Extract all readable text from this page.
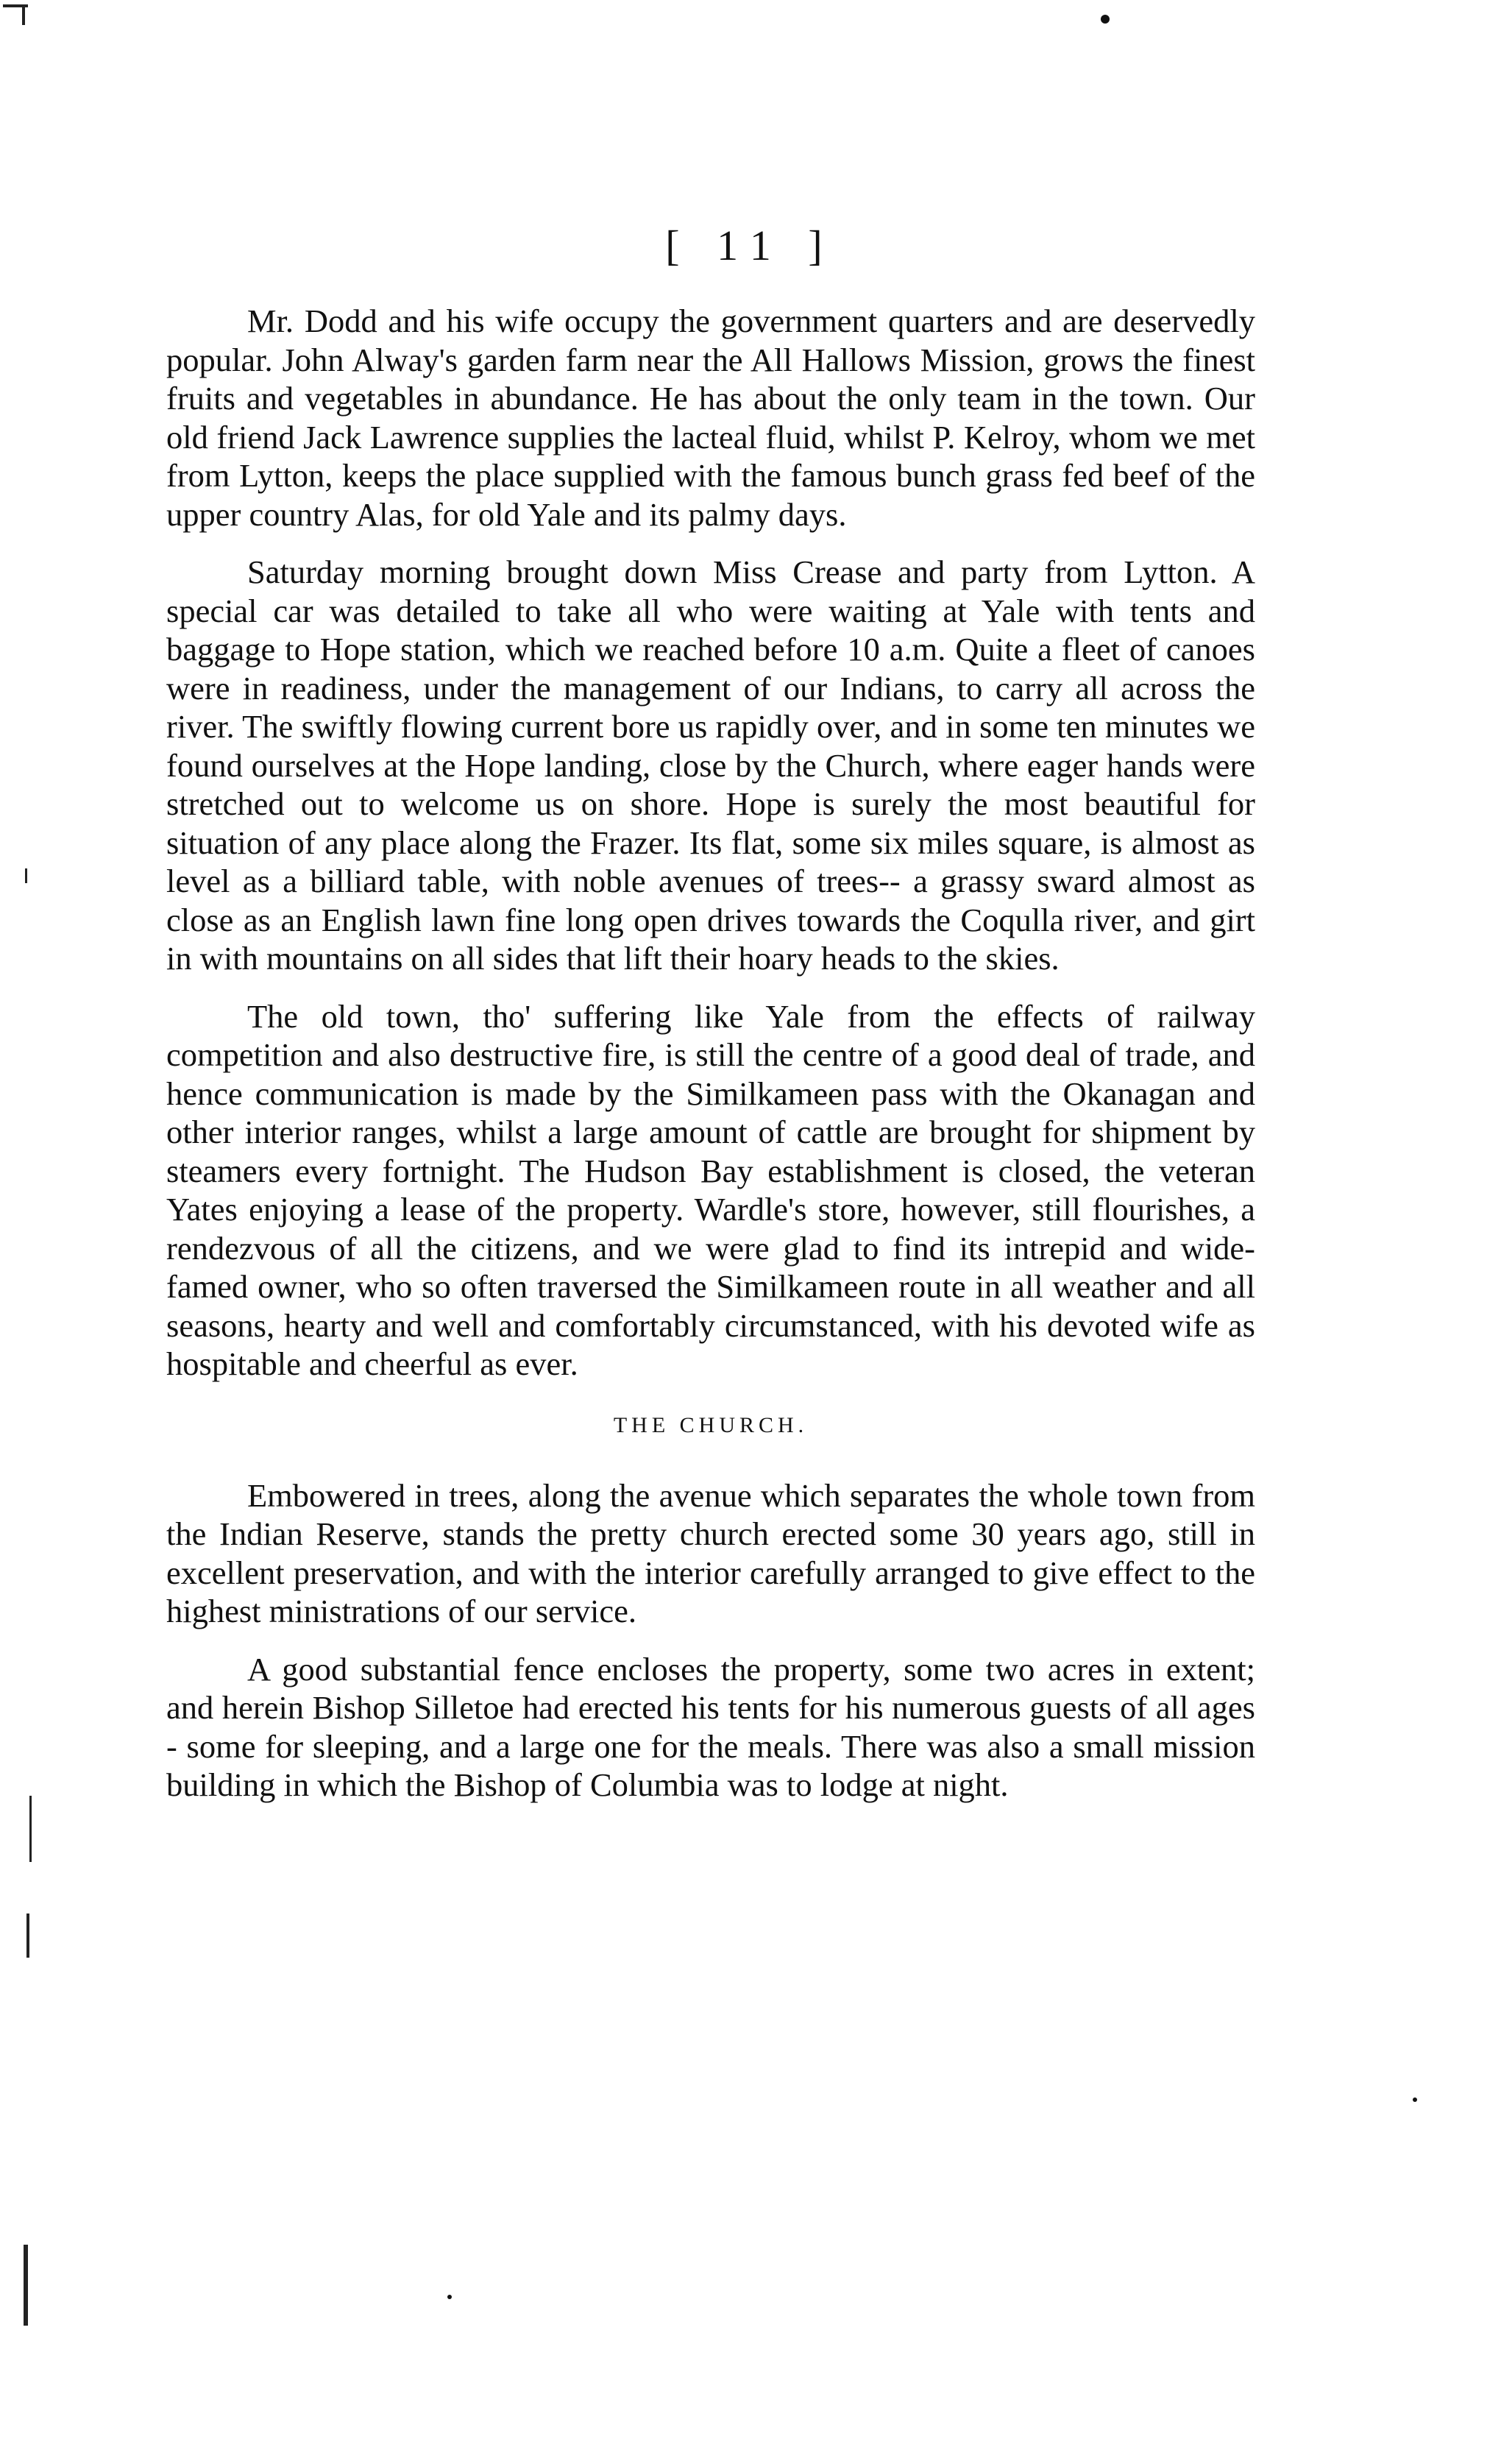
[ 11 ]

Mr. Dodd and his wife occupy the government quarters and are deservedly popular. John Alway's garden farm near the All Hallows Mission, grows the finest fruits and vegetables in abundance. He has about the only team in the town. Our old friend Jack Lawrence supplies the lacteal fluid, whilst P. Kelroy, whom we met from Lytton, keeps the place supplied with the famous bunch grass fed beef of the upper country Alas, for old Yale and its palmy days.

Saturday morning brought down Miss Crease and party from Lytton. A special car was detailed to take all who were waiting at Yale with tents and baggage to Hope station, which we reached before 10 a.m. Quite a fleet of canoes were in readiness, under the management of our Indians, to carry all across the river. The swiftly flowing current bore us rapidly over, and in some ten minutes we found ourselves at the Hope landing, close by the Church, where eager hands were stretched out to welcome us on shore. Hope is surely the most beautiful for situation of any place along the Frazer. Its flat, some six miles square, is almost as level as a billiard table, with noble avenues of trees-- a grassy sward almost as close as an English lawn fine long open drives towards the Coqulla river, and girt in with mountains on all sides that lift their hoary heads to the skies.

The old town, tho' suffering like Yale from the effects of railway competition and also destructive fire, is still the centre of a good deal of trade, and hence communication is made by the Similkameen pass with the Okanagan and other interior ranges, whilst a large amount of cattle are brought for shipment by steamers every fortnight. The Hudson Bay establishment is closed, the veteran Yates enjoying a lease of the property. Wardle's store, however, still flourishes, a rendezvous of all the citizens, and we were glad to find its intrepid and wide-famed owner, who so often traversed the Similkameen route in all weather and all seasons, hearty and well and comfortably circumstanced, with his devoted wife as hospitable and cheerful as ever.

THE CHURCH.

Embowered in trees, along the avenue which separates the whole town from the Indian Reserve, stands the pretty church erected some 30 years ago, still in excellent preservation, and with the interior carefully arranged to give effect to the highest ministrations of our service.

A good substantial fence encloses the property, some two acres in extent; and herein Bishop Silletoe had erected his tents for his numerous guests of all ages - some for sleeping, and a large one for the meals. There was also a small mission building in which the Bishop of Columbia was to lodge at night.
